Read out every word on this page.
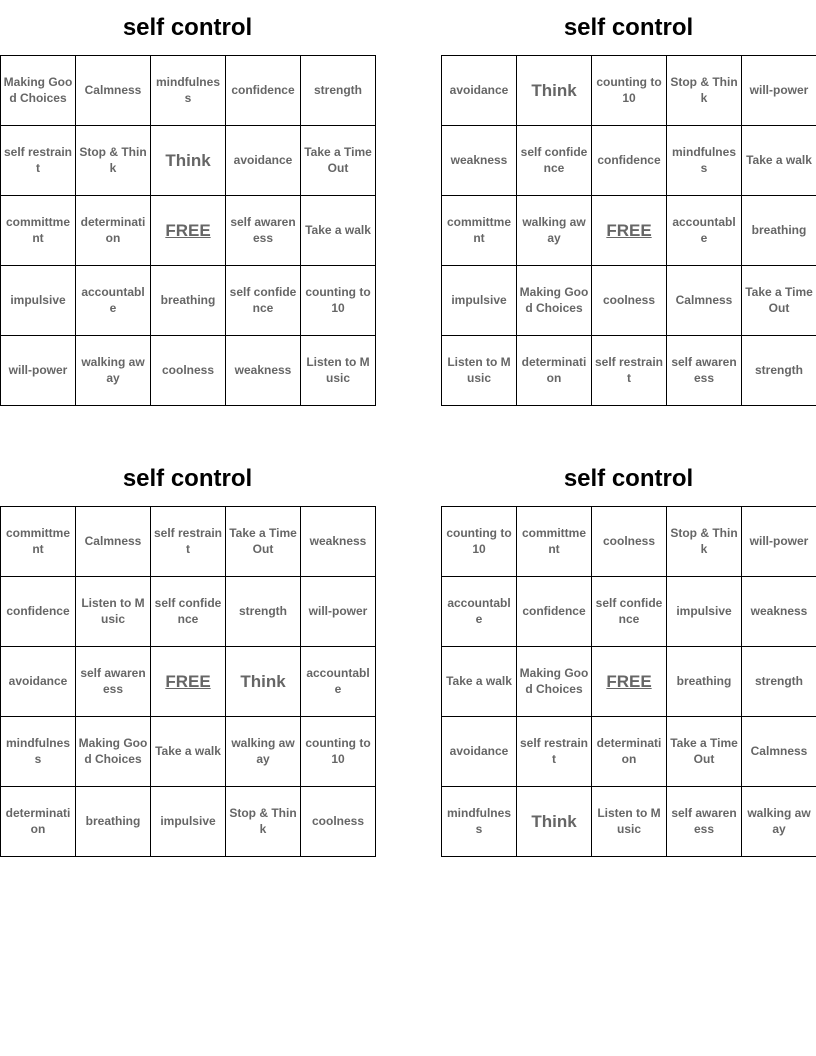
self control
Making Good Choices	Calmness	mindfulness	confidence	strength
self restraint	Stop & Think	Think	avoidance	Take a Time Out
committment	determination	FREE	self awareness	Take a walk
impulsive	accountable	breathing	self confidence	counting to 10
will-power	walking away	coolness	weakness	Listen to Music
self control
avoidance	Think	counting to 10	Stop & Think	will-power
weakness	self confidence	confidence	mindfulness	Take a walk
committment	walking away	FREE	accountable	breathing
impulsive	Making Good Choices	coolness	Calmness	Take a Time Out
Listen to Music	determination	self restraint	self awareness	strength
self control
committment	Calmness	self restraint	Take a Time Out	weakness
confidence	Listen to Music	self confidence	strength	will-power
avoidance	self awareness	FREE	Think	accountable
mindfulness	Making Good Choices	Take a walk	walking away	counting to 10
determination	breathing	impulsive	Stop & Think	coolness
self control
counting to 10	committment	coolness	Stop & Think	will-power
accountable	confidence	self confidence	impulsive	weakness
Take a walk	Making Good Choices	FREE	breathing	strength
avoidance	self restraint	determination	Take a Time Out	Calmness
mindfulness	Think	Listen to Music	self awareness	walking away
